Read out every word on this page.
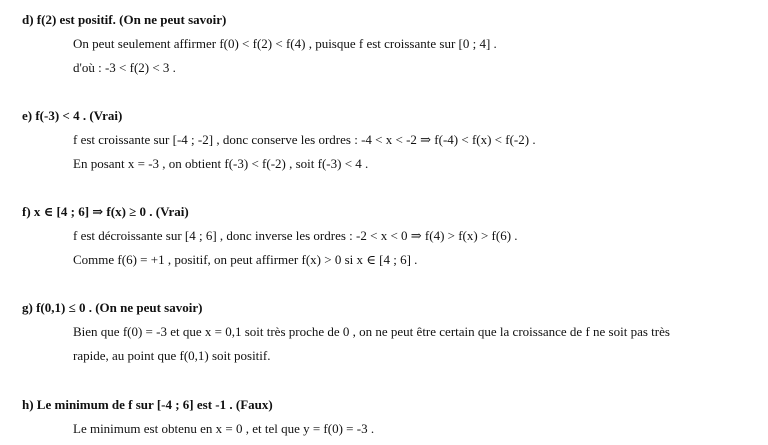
d) f(2) est positif. (On ne peut savoir)
On peut seulement affirmer f(0) < f(2) < f(4) , puisque f est croissante sur [0 ; 4] .
d'où : -3 < f(2) < 3 .
e) f(-3) < 4 . (Vrai)
f est croissante sur [-4 ; -2] , donc conserve les ordres : -4 < x < -2 ⇒ f(-4) < f(x) < f(-2) .
En posant x = -3 , on obtient f(-3) < f(-2) , soit f(-3) < 4 .
f) x ∈ [4 ; 6] ⇒ f(x) ≥ 0 . (Vrai)
f est décroissante sur [4 ; 6] , donc inverse les ordres : -2 < x < 0 ⇒ f(4) > f(x) > f(6) .
Comme f(6) = +1 , positif, on peut affirmer f(x) > 0 si x ∈ [4 ; 6] .
g) f(0,1) ≤ 0 . (On ne peut savoir)
Bien que f(0) = -3 et que x = 0,1 soit très proche de 0 , on ne peut être certain que la croissance de f ne soit pas très
rapide, au point que f(0,1) soit positif.
h) Le minimum de f sur [-4 ; 6] est -1 . (Faux)
Le minimum est obtenu en x = 0 , et tel que y = f(0) = -3 .
